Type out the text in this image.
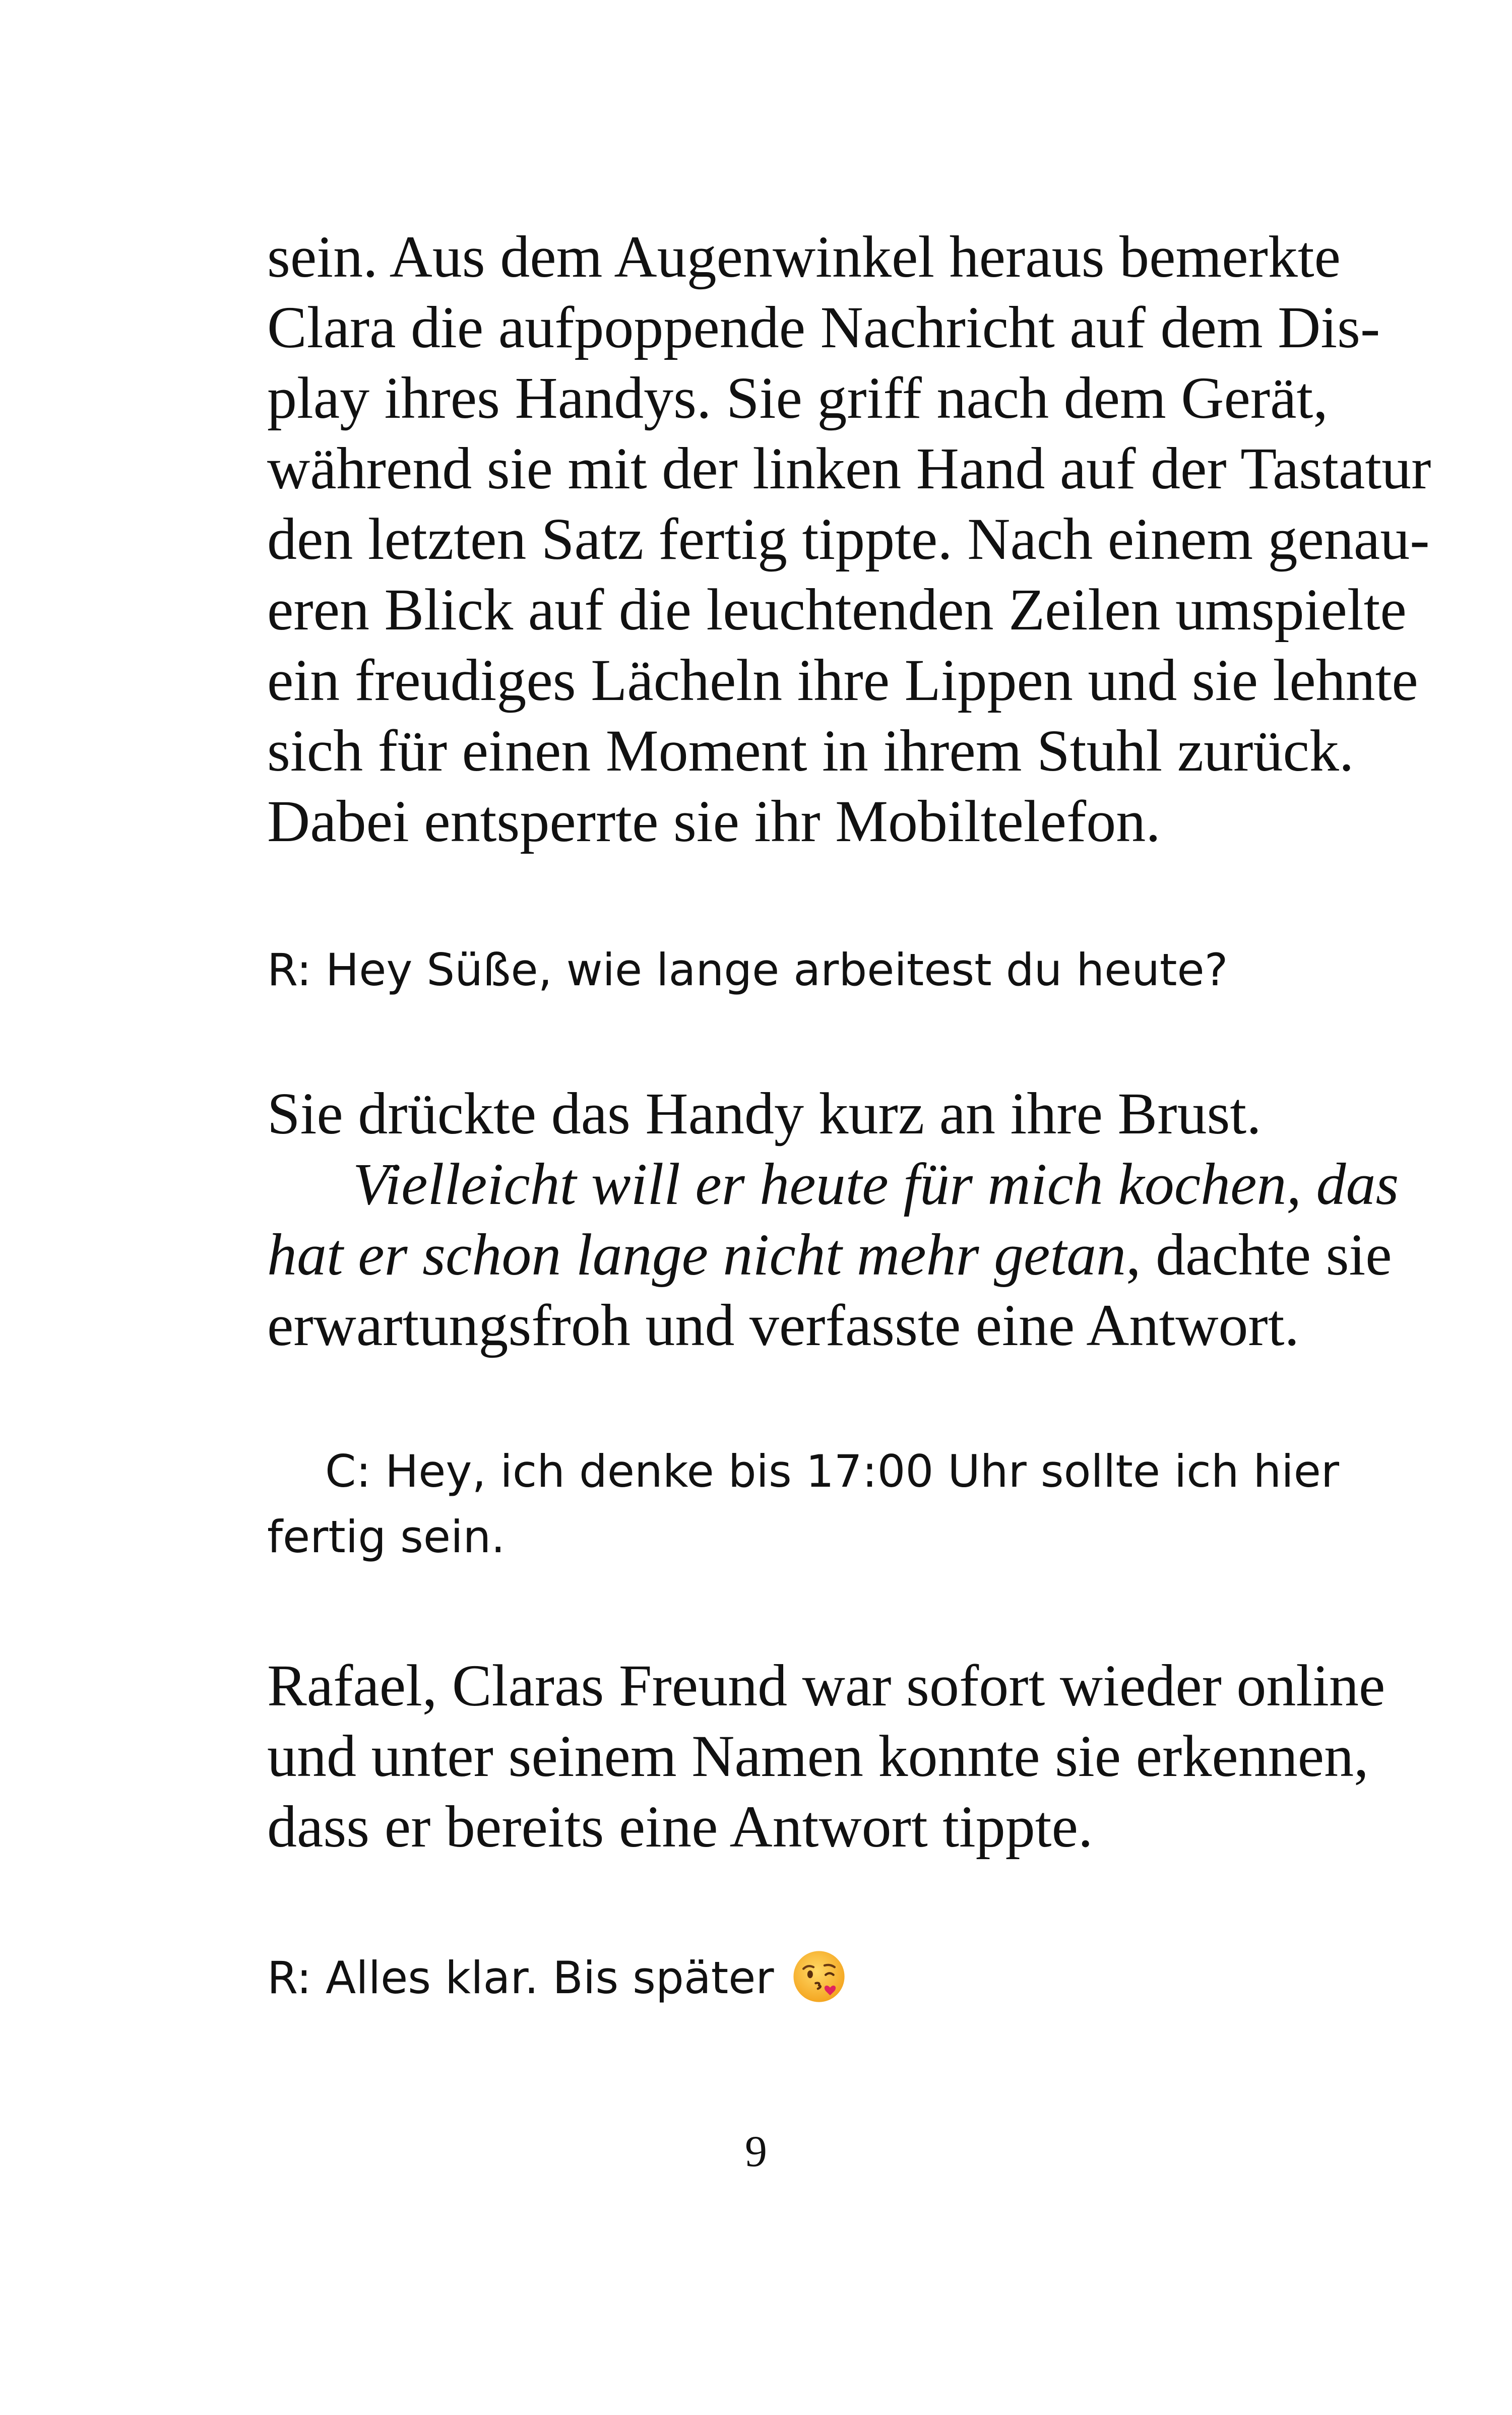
sein. Aus dem Augenwinkel heraus bemerkte
Clara die aufpoppende Nachricht auf dem Dis-
play ihres Handys. Sie griff nach dem Gerät,
während sie mit der linken Hand auf der Tastatur
den letzten Satz fertig tippte. Nach einem genau-
eren Blick auf die leuchtenden Zeilen umspielte
ein freudiges Lächeln ihre Lippen und sie lehnte
sich für einen Moment in ihrem Stuhl zurück.
Dabei entsperrte sie ihr Mobiltelefon.
R: Hey Süße, wie lange arbeitest du heute?
Sie drückte das Handy kurz an ihre Brust.
Vielleicht will er heute für mich kochen, das
hat er schon lange nicht mehr getan, dachte sie
erwartungsfroh und verfasste eine Antwort.
C: Hey, ich denke bis 17:00 Uhr sollte ich hier
fertig sein.
Rafael, Claras Freund war sofort wieder online
und unter seinem Namen konnte sie erkennen,
dass er bereits eine Antwort tippte.
R: Alles klar. Bis später
9
